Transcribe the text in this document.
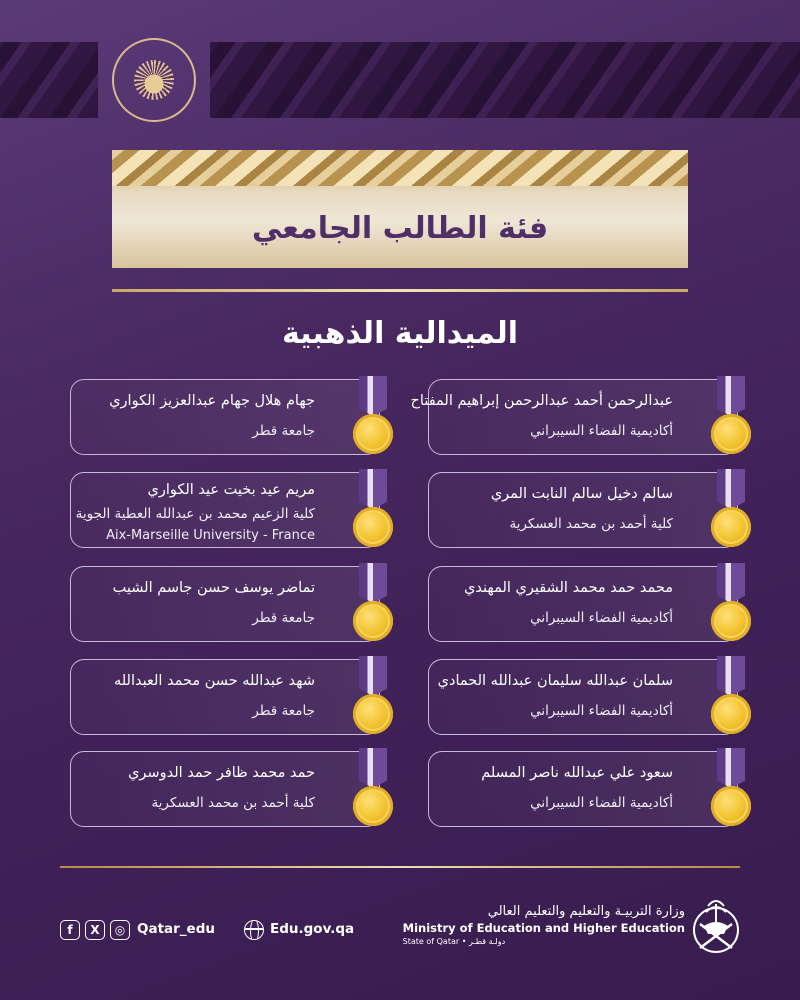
فئة الطالب الجامعي
الميدالية الذهبية
عبدالرحمن أحمد عبدالرحمن إبراهيم المفتاح
أكاديمية الفضاء السيبراني
سالم دخيل سالم النابت المري
كلية أحمد بن محمد العسكرية
محمد حمد محمد الشقيري المهندي
أكاديمية الفضاء السيبراني
سلمان عبدالله سليمان عبدالله الحمادي
أكاديمية الفضاء السيبراني
سعود علي عبدالله ناصر المسلم
أكاديمية الفضاء السيبراني
جهام هلال جهام عبدالعزيز الكواري
جامعة قطر
مريم عيد بخيت عيد الكواري
كلية الزعيم محمد بن عبدالله العطية الجوية
Aix-Marseille University - France
تماضر يوسف حسن جاسم الشيب
جامعة قطر
شهد عبدالله حسن محمد العبدالله
جامعة قطر
حمد محمد ظافر حمد الدوسري
كلية أحمد بن محمد العسكرية
f	X	◎ Qatar_edu	Edu.gov.qa
وزارة التربيـة والتعليم والتعليم العالي
Ministry of Education and Higher Education
State of Qatar • دولـة قطـر
